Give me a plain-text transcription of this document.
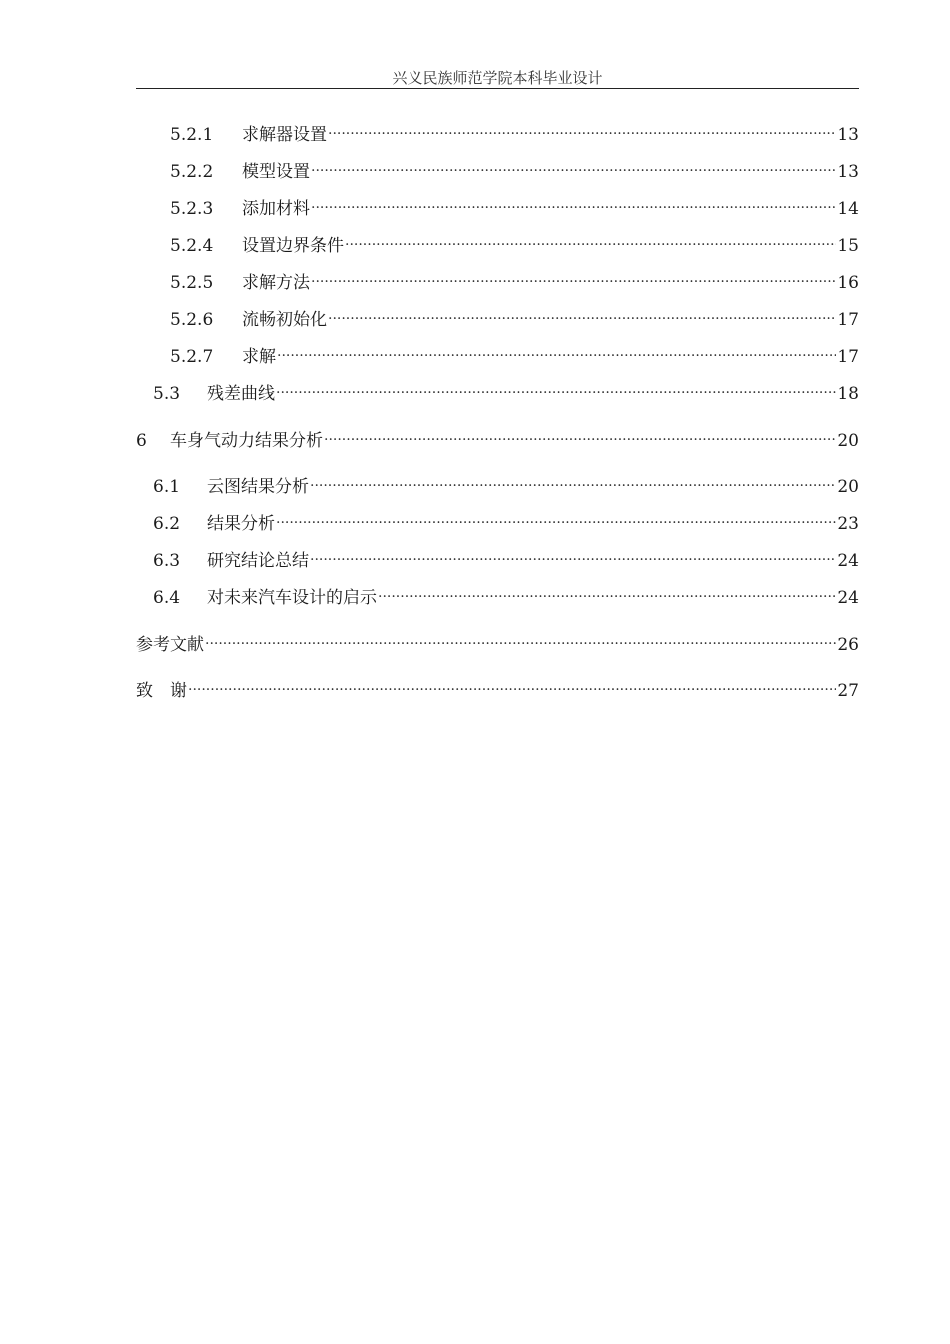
兴义民族师范学院本科毕业设计
5.2.1	求解器设置 .....	13
5.2.2	模型设置 .....	13
5.2.3	添加材料 .....	14
5.2.4	设置边界条件 .....	15
5.2.5	求解方法 .....	16
5.2.6	流畅初始化 .....	17
5.2.7	求解 .....	17
5.3	残差曲线 .....	18
6	车身气动力结果分析 .....	20
6.1	云图结果分析 .....	20
6.2	结果分析 .....	23
6.3	研究结论总结 .....	24
6.4	对未来汽车设计的启示 .....	24
参考文献 .....	26
致　谢 .....	27
